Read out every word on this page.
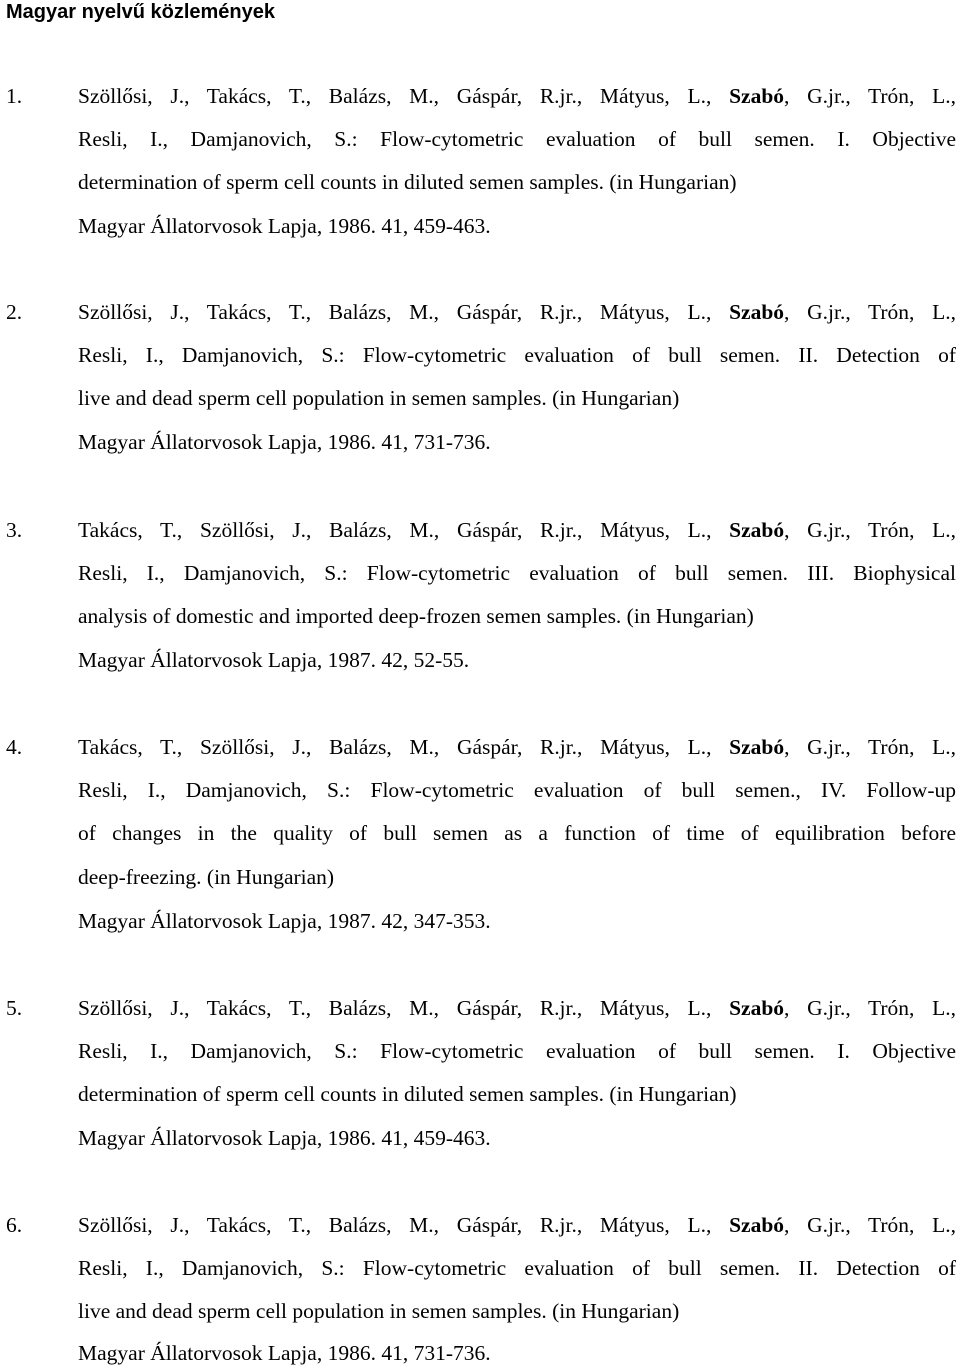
Magyar nyelvű közlemények
1.	Szöllősi, J., Takács, T., Balázs, M., Gáspár, R.jr., Mátyus, L., Szabó, G.jr., Trón, L.,
Resli, I., Damjanovich, S.: Flow-cytometric evaluation of bull semen. I. Objective
determination of sperm cell counts in diluted semen samples. (in Hungarian)
Magyar Állatorvosok Lapja, 1986. 41, 459-463.
2.	Szöllősi, J., Takács, T., Balázs, M., Gáspár, R.jr., Mátyus, L., Szabó, G.jr., Trón, L.,
Resli, I., Damjanovich, S.: Flow-cytometric evaluation of bull semen. II. Detection of
live and dead sperm cell population in semen samples. (in Hungarian)
Magyar Állatorvosok Lapja, 1986. 41, 731-736.
3.	Takács, T., Szöllősi, J., Balázs, M., Gáspár, R.jr., Mátyus, L., Szabó, G.jr., Trón, L.,
Resli, I., Damjanovich, S.: Flow-cytometric evaluation of bull semen. III. Biophysical
analysis of domestic and imported deep-frozen semen samples. (in Hungarian)
Magyar Állatorvosok Lapja, 1987. 42, 52-55.
4.	Takács, T., Szöllősi, J., Balázs, M., Gáspár, R.jr., Mátyus, L., Szabó, G.jr., Trón, L.,
Resli, I., Damjanovich, S.: Flow-cytometric evaluation of bull semen., IV. Follow-up
of changes in the quality of bull semen as a function of time of equilibration before
deep-freezing. (in Hungarian)
Magyar Állatorvosok Lapja, 1987. 42, 347-353.
5.	Szöllősi, J., Takács, T., Balázs, M., Gáspár, R.jr., Mátyus, L., Szabó, G.jr., Trón, L.,
Resli, I., Damjanovich, S.: Flow-cytometric evaluation of bull semen. I. Objective
determination of sperm cell counts in diluted semen samples. (in Hungarian)
Magyar Állatorvosok Lapja, 1986. 41, 459-463.
6.	Szöllősi, J., Takács, T., Balázs, M., Gáspár, R.jr., Mátyus, L., Szabó, G.jr., Trón, L.,
Resli, I., Damjanovich, S.: Flow-cytometric evaluation of bull semen. II. Detection of
live and dead sperm cell population in semen samples. (in Hungarian)
Magyar Állatorvosok Lapja, 1986. 41, 731-736.
